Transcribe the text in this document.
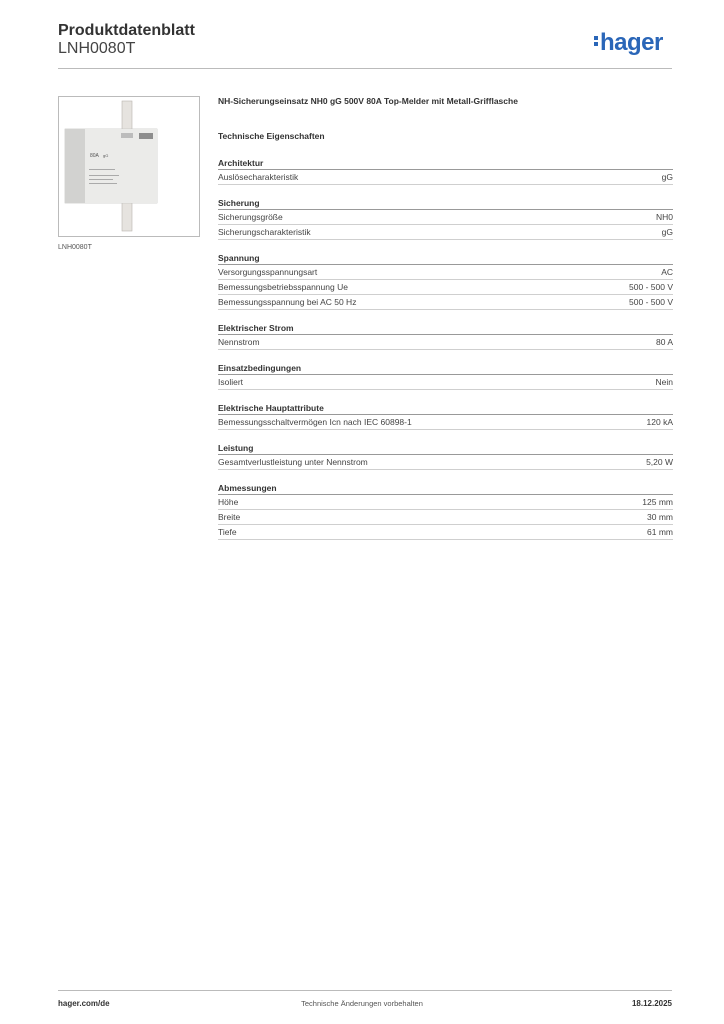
Produktdatenblatt
LNH0080T	hager
80A gG
LNH0080T
NH-Sicherungseinsatz NH0 gG 500V 80A Top-Melder mit Metall-Grifflasche
Technische Eigenschaften
Architektur
Auslösecharakteristik	gG
Sicherung
Sicherungsgröße	NH0
Sicherungscharakteristik	gG
Spannung
Versorgungsspannungsart	AC
Bemessungsbetriebsspannung Ue	500 - 500 V
Bemessungsspannung bei AC 50 Hz	500 - 500 V
Elektrischer Strom
Nennstrom	80 A
Einsatzbedingungen
Isoliert	Nein
Elektrische Hauptattribute
Bemessungsschaltvermögen Icn nach IEC 60898-1	120 kA
Leistung
Gesamtverlustleistung unter Nennstrom	5,20 W
Abmessungen
Höhe	125 mm
Breite	30 mm
Tiefe	61 mm
hager.com/de	Technische Änderungen vorbehalten	18.12.2025
